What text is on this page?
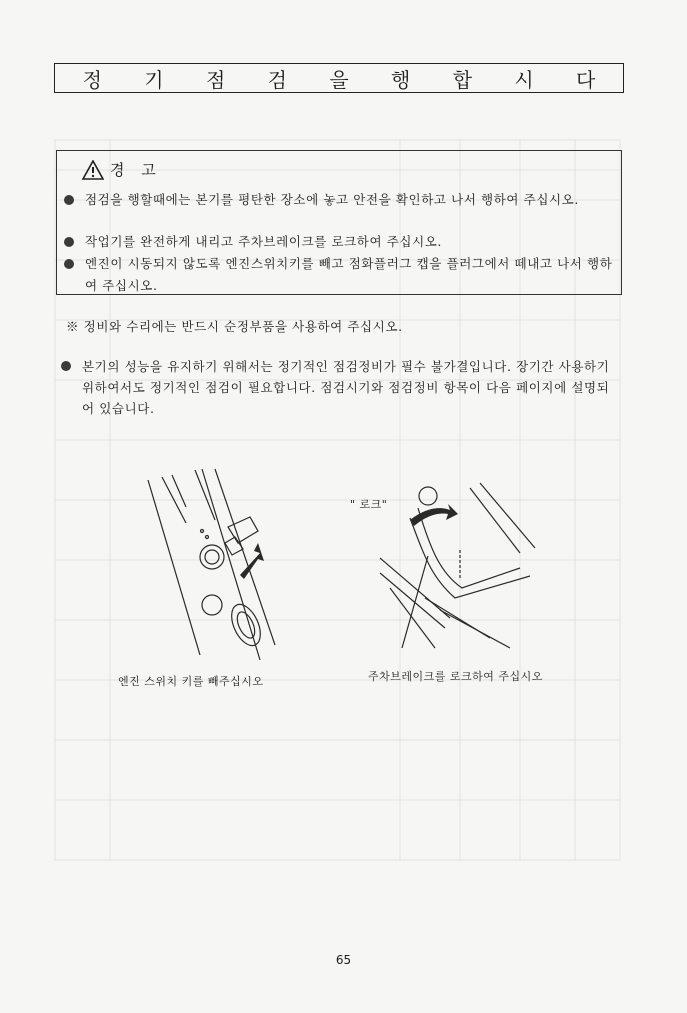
정 기 점 검 을 행 합 시 다
경 고
점검을 행할때에는 본기를 평탄한 장소에 놓고 안전을 확인하고 나서 행하여 주십시오.
작업기를 완전하게 내리고 주차브레이크를 로크하여 주십시오.
엔진이 시동되지 않도록 엔진스위치키를 빼고 점화플러그 캡을 플러그에서 떼내고 나서 행하여 주십시오.
※ 정비와 수리에는 반드시 순정부품을 사용하여 주십시오.
본기의 성능을 유지하기 위해서는 정기적인 점검정비가 필수 불가결입니다. 장기간 사용하기 위하여서도 정기적인 점검이 필요합니다. 점검시기와 점검정비 항목이 다음 페이지에 설명되어 있습니다.
엔진 스위치 키를 빼주십시오
" 로크"
주차브레이크를 로크하여 주십시오
65
